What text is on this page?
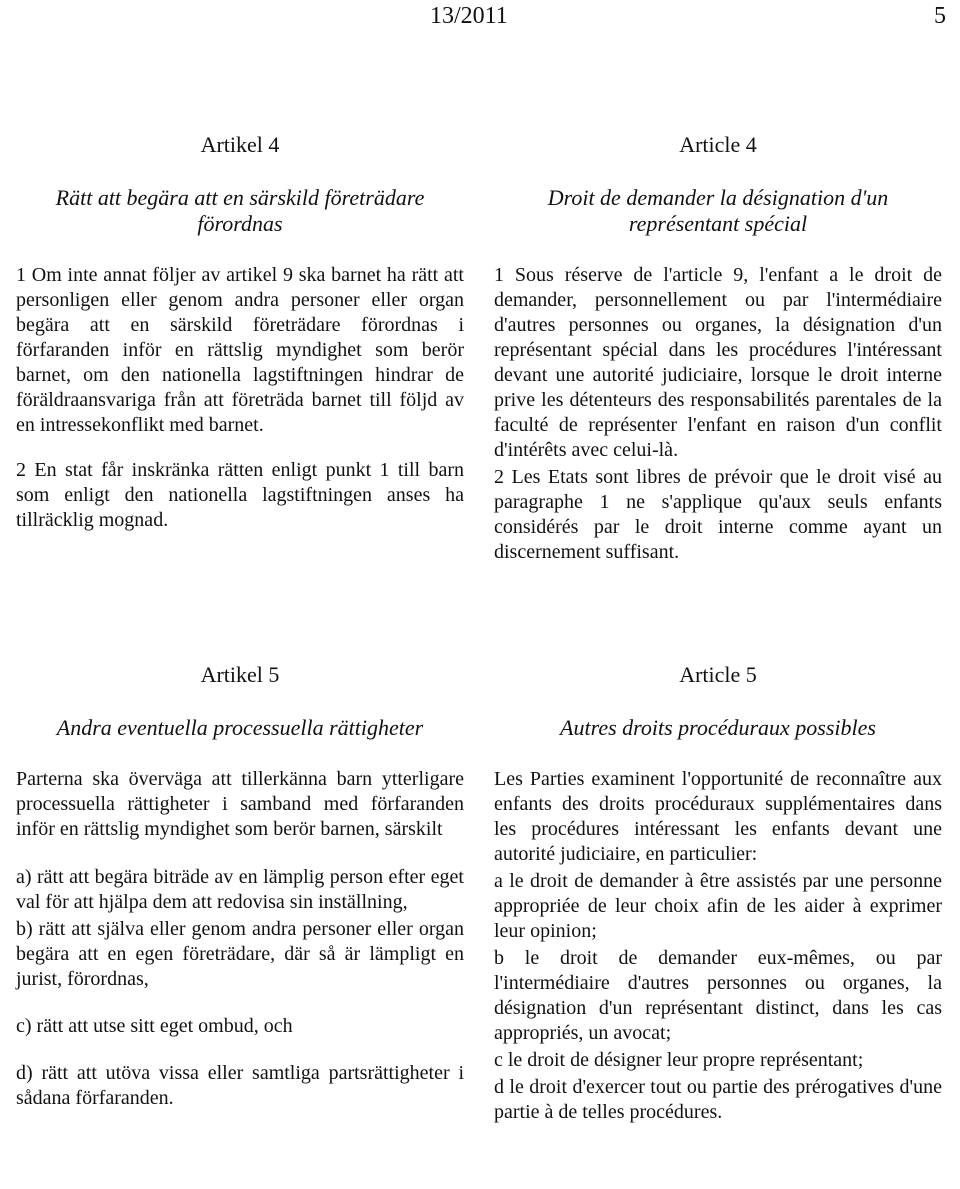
13/2011	5
Artikel 4
Rätt att begära att en särskild företrädare förordnas

1 Om inte annat följer av artikel 9 ska barnet ha rätt att personligen eller genom andra personer eller organ begära att en särskild företrädare förordnas i förfaranden inför en rättslig myndighet som berör barnet, om den nationella lagstiftningen hindrar de föräldraansvariga från att företräda barnet till följd av en intressekonflikt med barnet.

2 En stat får inskränka rätten enligt punkt 1 till barn som enligt den nationella lagstiftningen anses ha tillräcklig mognad.

Article 4
Droit de demander la désignation d'un représentant spécial

1 Sous réserve de l'article 9, l'enfant a le droit de demander, personnellement ou par l'intermédiaire d'autres personnes ou organes, la désignation d'un représentant spécial dans les procédures l'intéressant devant une autorité judiciaire, lorsque le droit interne prive les détenteurs des responsabilités parentales de la faculté de représenter l'enfant en raison d'un conflit d'intérêts avec celui-là.

2 Les Etats sont libres de prévoir que le droit visé au paragraphe 1 ne s'applique qu'aux seuls enfants considérés par le droit interne comme ayant un discernement suffisant.

Artikel 5
Andra eventuella processuella rättigheter

Parterna ska överväga att tillerkänna barn ytterligare processuella rättigheter i samband med förfaranden inför en rättslig myndighet som berör barnen, särskilt

a) rätt att begära biträde av en lämplig person efter eget val för att hjälpa dem att redovisa sin inställning,

b) rätt att själva eller genom andra personer eller organ begära att en egen företrädare, där så är lämpligt en jurist, förordnas,

c) rätt att utse sitt eget ombud, och

d) rätt att utöva vissa eller samtliga partsrättigheter i sådana förfaranden.

Article 5
Autres droits procéduraux possibles

Les Parties examinent l'opportunité de reconnaître aux enfants des droits procéduraux supplémentaires dans les procédures intéressant les enfants devant une autorité judiciaire, en particulier:

a le droit de demander à être assistés par une personne appropriée de leur choix afin de les aider à exprimer leur opinion;

b le droit de demander eux-mêmes, ou par l'intermédiaire d'autres personnes ou organes, la désignation d'un représentant distinct, dans les cas appropriés, un avocat;

c le droit de désigner leur propre représentant;

d le droit d'exercer tout ou partie des prérogatives d'une partie à de telles procédures.
